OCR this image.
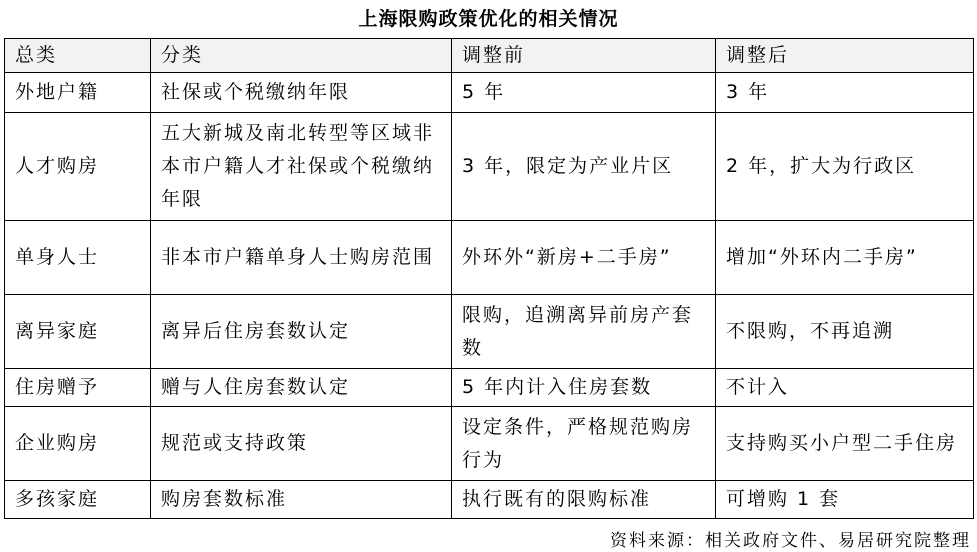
上海限购政策优化的相关情况
总类	分类	调整前	调整后
外地户籍	社保或个税缴纳年限	5 年	3 年
人才购房	五大新城及南北转型等区域非本市户籍人才社保或个税缴纳年限	3 年，限定为产业片区	2 年，扩大为行政区
单身人士	非本市户籍单身人士购房范围	外环外“新房+二手房”	增加“外环内二手房”
离异家庭	离异后住房套数认定	限购，追溯离异前房产套数	不限购，不再追溯
住房赠予	赠与人住房套数认定	5 年内计入住房套数	不计入
企业购房	规范或支持政策	设定条件，严格规范购房行为	支持购买小户型二手住房
多孩家庭	购房套数标准	执行既有的限购标准	可增购 1 套
资料来源：相关政府文件、易居研究院整理
